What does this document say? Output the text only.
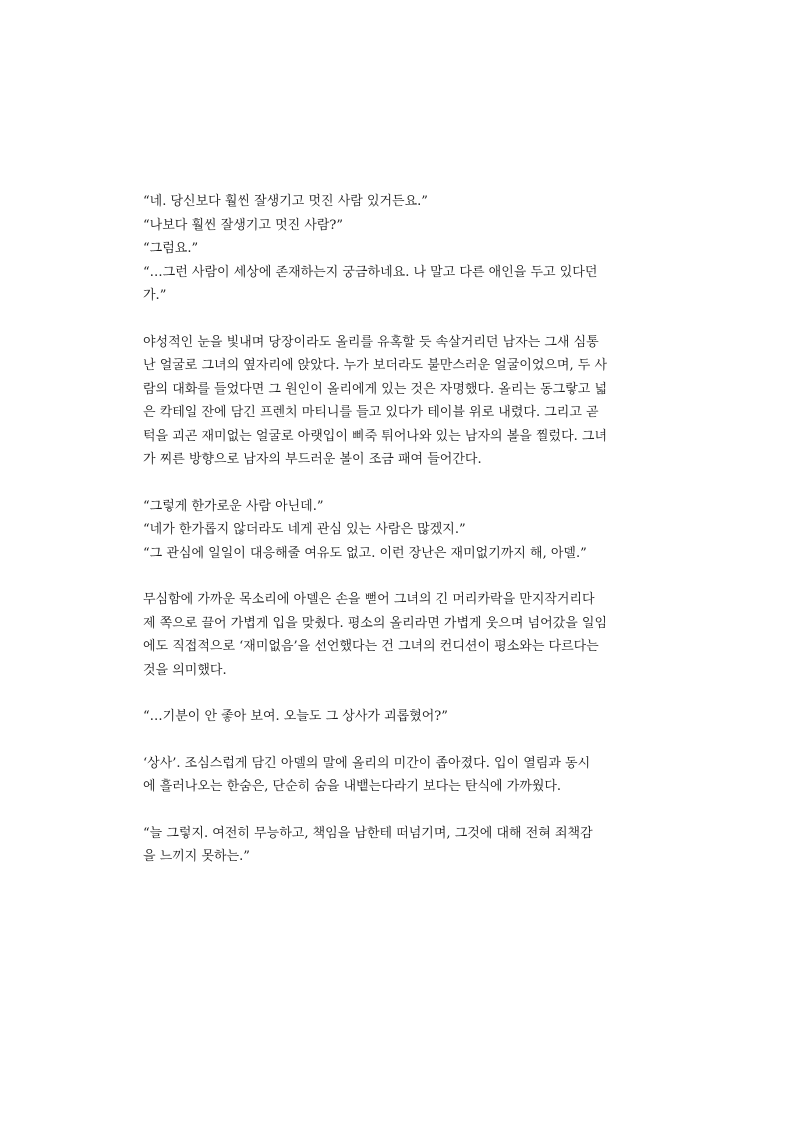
“네. 당신보다 훨씬 잘생기고 멋진 사람 있거든요.”
“나보다 훨씬 잘생기고 멋진 사람?”
“그럼요.”
“…그런 사람이 세상에 존재하는지 궁금하네요. 나 말고 다른 애인을 두고 있다던
가.”
야성적인 눈을 빛내며 당장이라도 올리를 유혹할 듯 속살거리던 남자는 그새 심통
난 얼굴로 그녀의 옆자리에 앉았다. 누가 보더라도 불만스러운 얼굴이었으며, 두 사
람의 대화를 들었다면 그 원인이 올리에게 있는 것은 자명했다. 올리는 동그랗고 넓
은 칵테일 잔에 담긴 프렌치 마티니를 들고 있다가 테이블 위로 내렸다. 그리고 곧
턱을 괴곤 재미없는 얼굴로 아랫입이 삐죽 튀어나와 있는 남자의 볼을 찔렀다. 그녀
가 찌른 방향으로 남자의 부드러운 볼이 조금 패여 들어간다.
“그렇게 한가로운 사람 아닌데.”
“네가 한가롭지 않더라도 네게 관심 있는 사람은 많겠지.”
“그 관심에 일일이 대응해줄 여유도 없고. 이런 장난은 재미없기까지 해, 아델.”
무심함에 가까운 목소리에 아델은 손을 뻗어 그녀의 긴 머리카락을 만지작거리다
제 쪽으로 끌어 가볍게 입을 맞췄다. 평소의 올리라면 가볍게 웃으며 넘어갔을 일임
에도 직접적으로 ‘재미없음’을 선언했다는 건 그녀의 컨디션이 평소와는 다르다는
것을 의미했다.
“…기분이 안 좋아 보여. 오늘도 그 상사가 괴롭혔어?”
‘상사’. 조심스럽게 담긴 아델의 말에 올리의 미간이 좁아졌다. 입이 열림과 동시
에 흘러나오는 한숨은, 단순히 숨을 내뱉는다라기 보다는 탄식에 가까웠다.
“늘 그렇지. 여전히 무능하고, 책임을 남한테 떠넘기며, 그것에 대해 전혀 죄책감
을 느끼지 못하는.”
